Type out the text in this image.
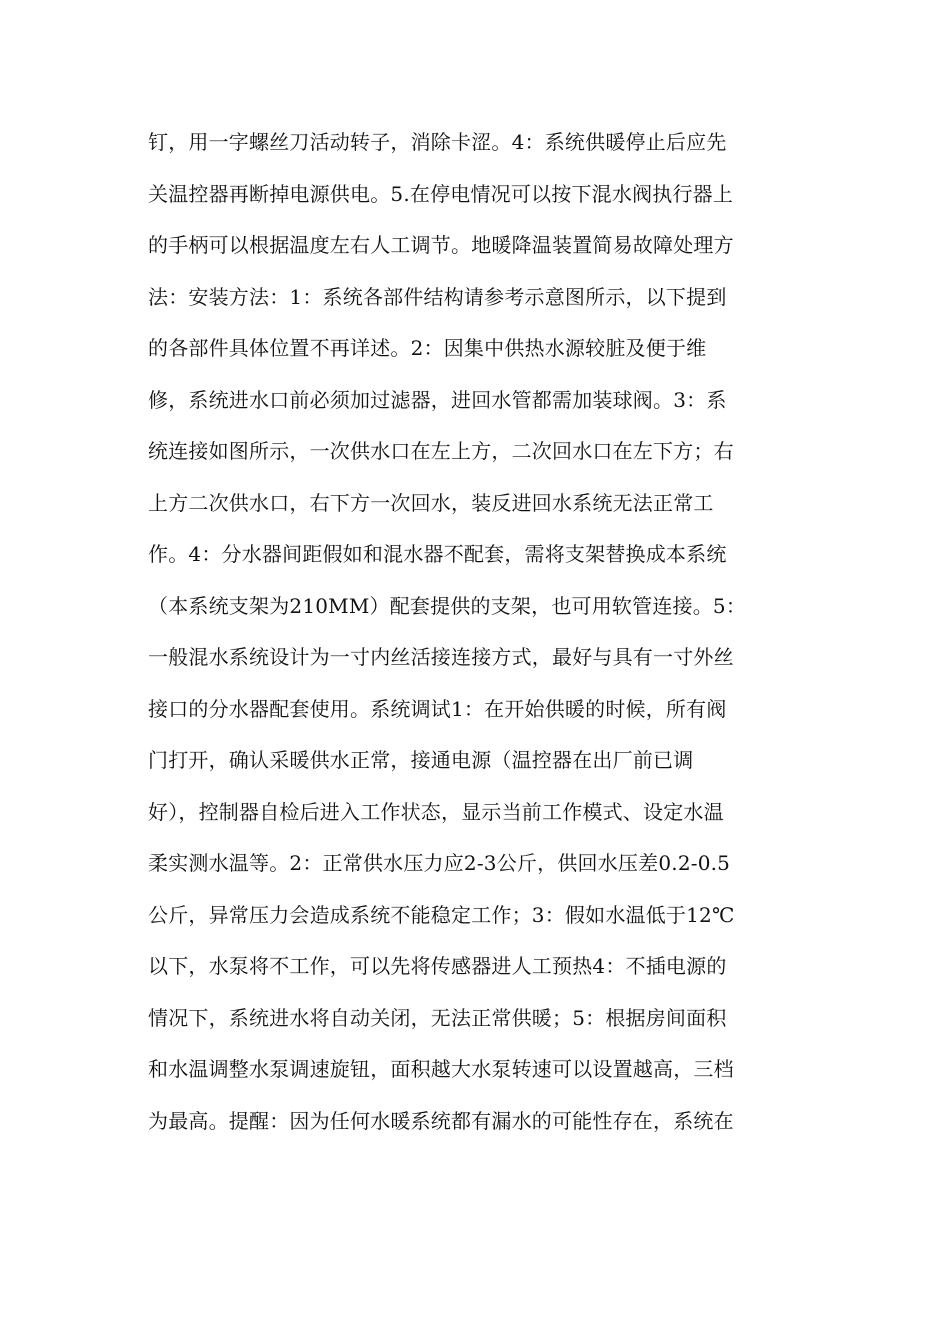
钉，用一字螺丝刀活动转子，消除卡涩。4：系统供暖停止后应先
关温控器再断掉电源供电。5.在停电情况可以按下混水阀执行器上
的手柄可以根据温度左右人工调节。地暖降温装置简易故障处理方
法：安装方法：1：系统各部件结构请参考示意图所示，以下提到
的各部件具体位置不再详述。2：因集中供热水源较脏及便于维
修，系统进水口前必须加过滤器，进回水管都需加装球阀。3：系
统连接如图所示，一次供水口在左上方，二次回水口在左下方；右
上方二次供水口，右下方一次回水，装反进回水系统无法正常工
作。4：分水器间距假如和混水器不配套，需将支架替换成本系统
（本系统支架为210MM）配套提供的支架，也可用软管连接。5：
一般混水系统设计为一寸内丝活接连接方式，最好与具有一寸外丝
接口的分水器配套使用。系统调试1：在开始供暖的时候，所有阀
门打开，确认采暖供水正常，接通电源（温控器在出厂前已调
好），控制器自检后进入工作状态，显示当前工作模式、设定水温
柔实测水温等。2：正常供水压力应2-3公斤，供回水压差0.2-0.5
公斤，异常压力会造成系统不能稳定工作；3：假如水温低于12℃
以下，水泵将不工作，可以先将传感器进人工预热4：不插电源的
情况下，系统进水将自动关闭，无法正常供暖；5：根据房间面积
和水温调整水泵调速旋钮，面积越大水泵转速可以设置越高，三档
为最高。提醒：因为任何水暖系统都有漏水的可能性存在，系统在
